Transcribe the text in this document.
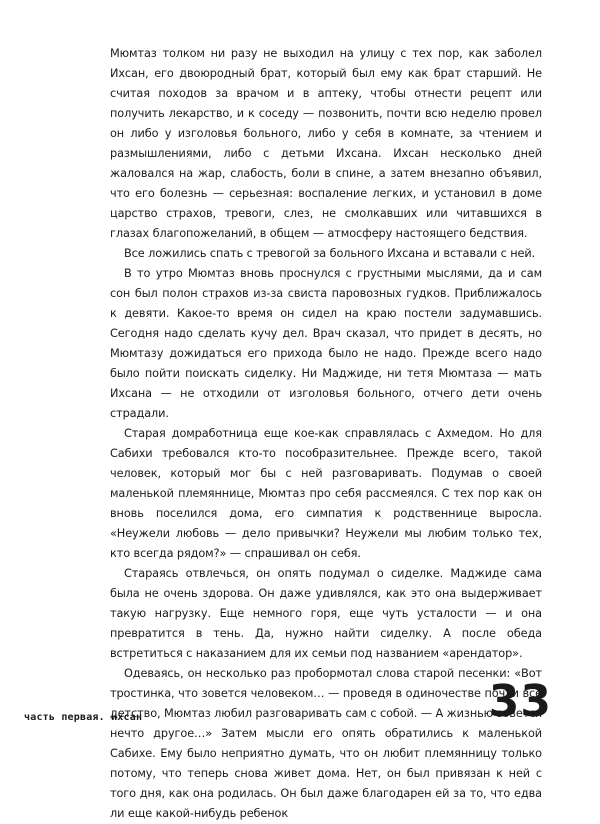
Мюмтаз толком ни разу не выходил на улицу с тех пор, как заболел Ихсан, его двоюродный брат, который был ему как брат старший. Не считая походов за врачом и в аптеку, чтобы отнести рецепт или получить лекарство, и к соседу — позвонить, почти всю неделю провел он либо у изголовья больного, либо у себя в комнате, за чтением и размышлениями, либо с детьми Ихсана. Ихсан несколько дней жаловался на жар, слабость, боли в спине, а затем внезапно объявил, что его болезнь — серьезная: воспаление легких, и установил в доме царство страхов, тревоги, слез, не смолкавших или читавшихся в глазах благопожеланий, в общем — атмосферу настоящего бедствия.

Все ложились спать с тревогой за больного Ихсана и вставали с ней.

В то утро Мюмтаз вновь проснулся с грустными мыслями, да и сам сон был полон страхов из-за свиста паровозных гудков. Приближалось к девяти. Какое-то время он сидел на краю постели задумавшись. Сегодня надо сделать кучу дел. Врач сказал, что придет в десять, но Мюмтазу дожидаться его прихода было не надо. Прежде всего надо было пойти поискать сиделку. Ни Маджиде, ни тетя Мюмтаза — мать Ихсана — не отходили от изголовья больного, отчего дети очень страдали.

Старая домработница еще кое-как справлялась с Ахмедом. Но для Сабихи требовался кто-то пособразительнее. Прежде всего, такой человек, который мог бы с ней разговаривать. Подумав о своей маленькой племяннице, Мюмтаз про себя рассмеялся. С тех пор как он вновь поселился дома, его симпатия к родственнице выросла. «Неужели любовь — дело привычки? Неужели мы любим только тех, кто всегда рядом?» — спрашивал он себя.

Стараясь отвлечься, он опять подумал о сиделке. Маджиде сама была не очень здорова. Он даже удивлялся, как это она выдерживает такую нагрузку. Еще немного горя, еще чуть усталости — и она превратится в тень. Да, нужно найти сиделку. А после обеда встретиться с наказанием для их семьи под названием «арендатор».

Одеваясь, он несколько раз пробормотал слова старой песенки: «Вот тростинка, что зовется человеком… — проведя в одиночестве почти всё детство, Мюмтаз любил разговаривать сам с собой. — А жизнью зовется нечто другое…» Затем мысли его опять обратились к маленькой Сабихе. Ему было неприятно думать, что он любит племянницу только потому, что теперь снова живет дома. Нет, он был привязан к ней с того дня, как она родилась. Он был даже благодарен ей за то, что едва ли еще какой-нибудь ребенок

часть первая. ихсан	33
